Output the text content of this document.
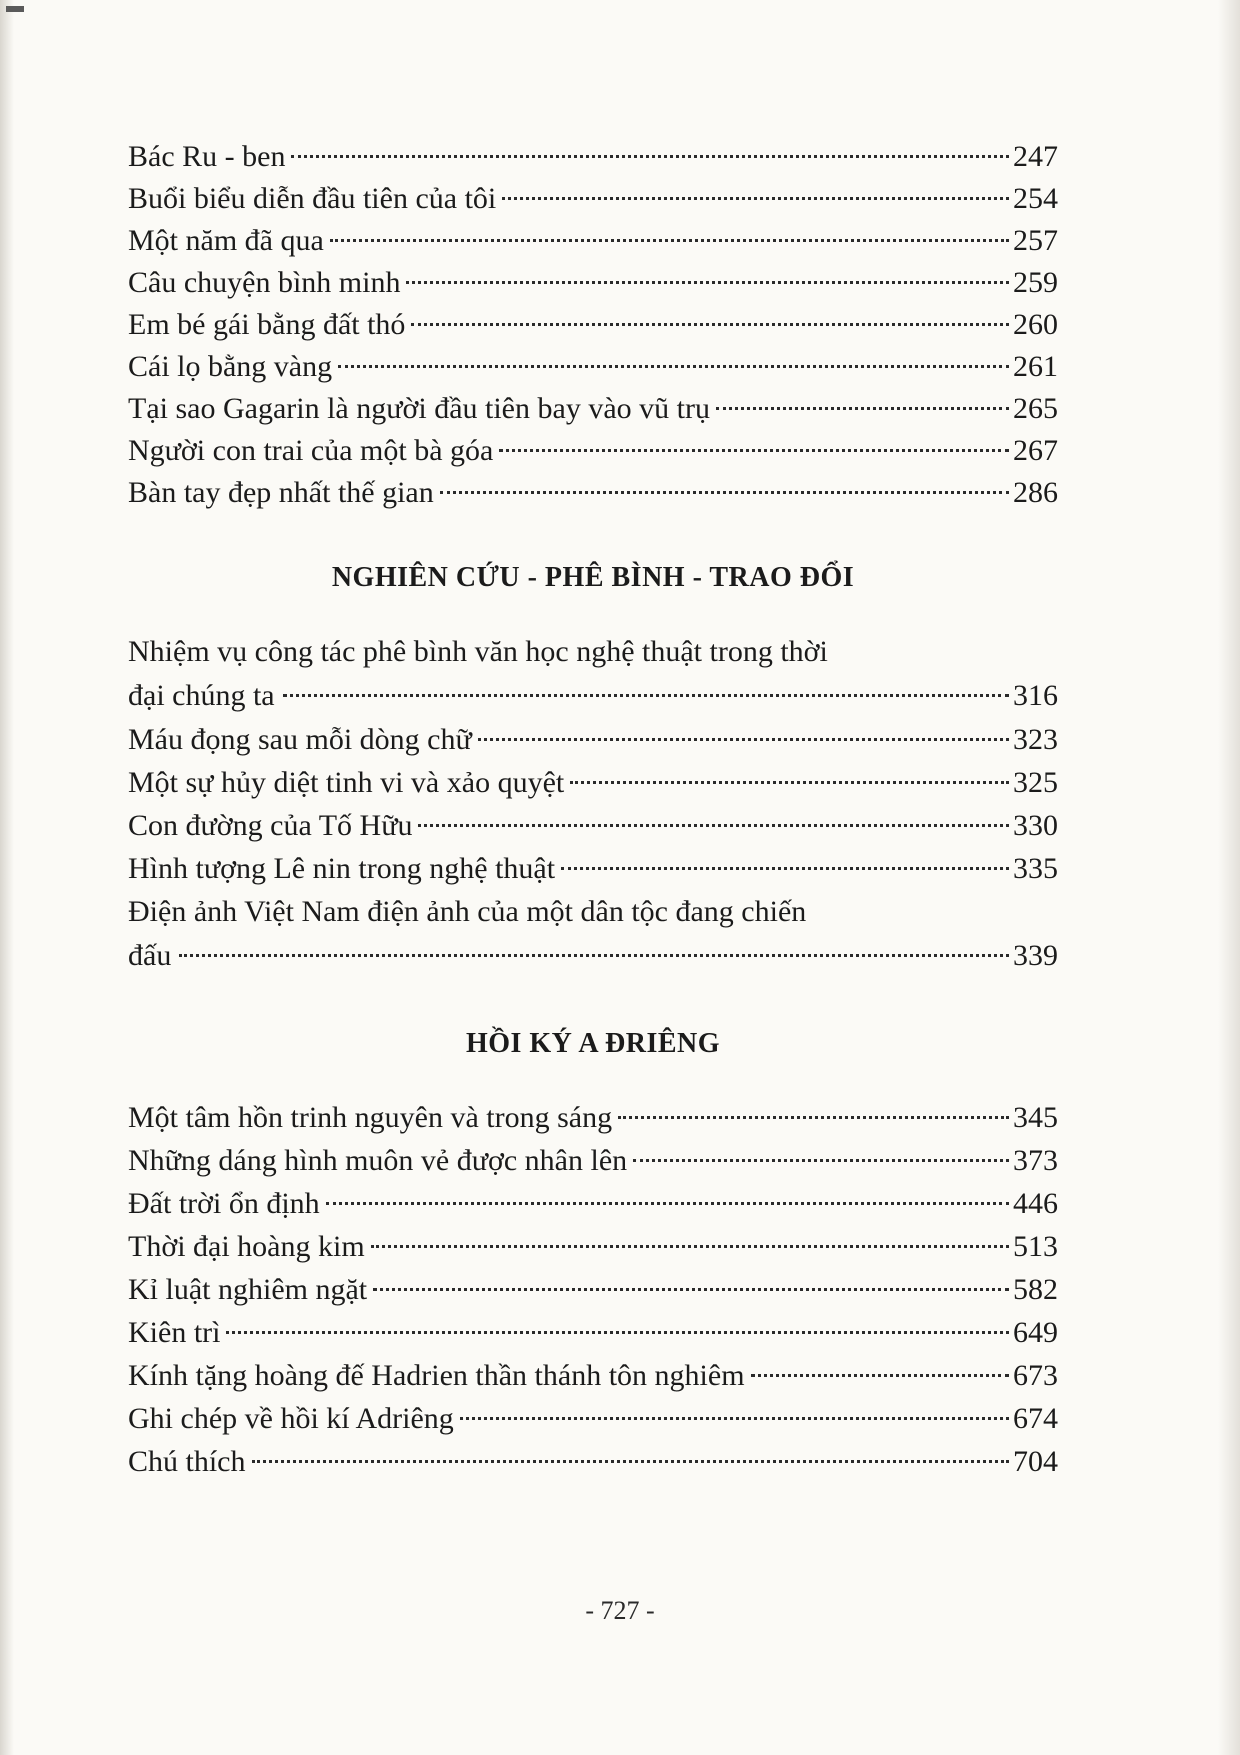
Bác Ru - ben	247
Buổi biểu diễn đầu tiên của tôi	254
Một năm đã qua	257
Câu chuyện bình minh	259
Em bé gái bằng đất thó	260
Cái lọ bằng vàng	261
Tại sao Gagarin là người đầu tiên bay vào vũ trụ	265
Người con trai của một bà góa	267
Bàn tay đẹp nhất thế gian	286
NGHIÊN CỨU - PHÊ BÌNH - TRAO ĐỔI
Nhiệm vụ công tác phê bình văn học nghệ thuật trong thời
đại chúng ta	316
Máu đọng sau mỗi dòng chữ	323
Một sự hủy diệt tinh vi và xảo quyệt	325
Con đường của Tố Hữu	330
Hình tượng Lê nin trong nghệ thuật	335
Điện ảnh Việt Nam điện ảnh của một dân tộc đang chiến
đấu	339
HỒI KÝ A ĐRIÊNG
Một tâm hồn trinh nguyên và trong sáng	345
Những dáng hình muôn vẻ được nhân lên	373
Đất trời ổn định	446
Thời đại hoàng kim	513
Kỉ luật nghiêm ngặt	582
Kiên trì	649
Kính tặng hoàng đế Hadrien thần thánh tôn nghiêm	673
Ghi chép về hồi kí Adriêng	674
Chú thích	704
- 727 -
